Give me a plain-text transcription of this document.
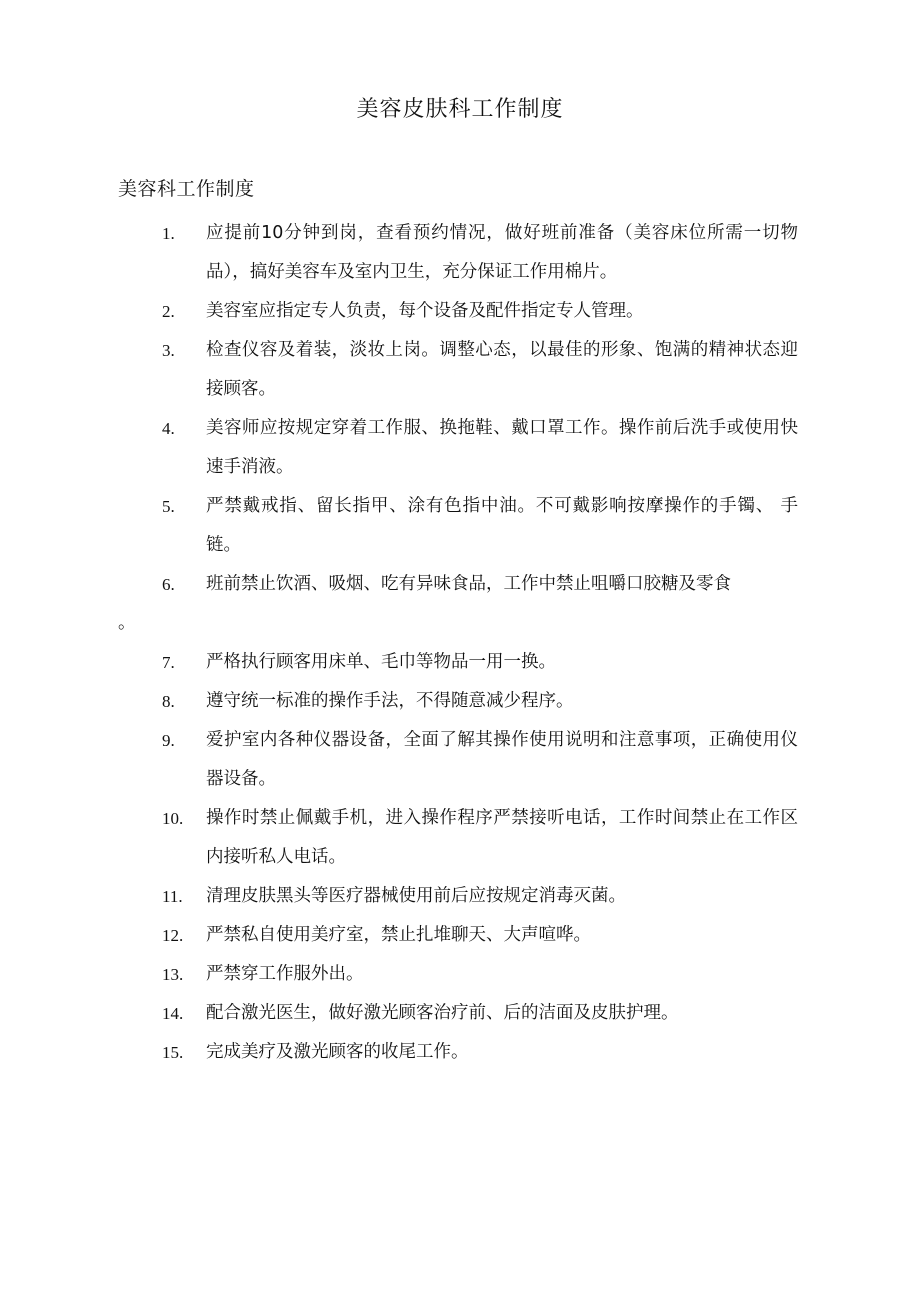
美容皮肤科工作制度
美容科工作制度
1. 应提前10分钟到岗，查看预约情况，做好班前准备（美容床位所需一切物品），搞好美容车及室内卫生，充分保证工作用棉片。
2. 美容室应指定专人负责，每个设备及配件指定专人管理。
3. 检查仪容及着装，淡妆上岗。调整心态，以最佳的形象、饱满的精神状态迎接顾客。
4. 美容师应按规定穿着工作服、换拖鞋、戴口罩工作。操作前后洗手或使用快速手消液。
5. 严禁戴戒指、留长指甲、涂有色指中油。不可戴影响按摩操作的手镯、 手链。
6. 班前禁止饮酒、吸烟、吃有异味食品，工作中禁止咀嚼口胶糖及零食
。
7. 严格执行顾客用床单、毛巾等物品一用一换。
8. 遵守统一标准的操作手法，不得随意减少程序。
9. 爱护室内各种仪器设备，全面了解其操作使用说明和注意事项，正确使用仪器设备。
10. 操作时禁止佩戴手机，进入操作程序严禁接听电话，工作时间禁止在工作区内接听私人电话。
11. 清理皮肤黑头等医疗器械使用前后应按规定消毒灭菌。
12. 严禁私自使用美疗室，禁止扎堆聊天、大声喧哗。
13. 严禁穿工作服外出。
14. 配合激光医生，做好激光顾客治疗前、后的洁面及皮肤护理。
15. 完成美疗及激光顾客的收尾工作。
